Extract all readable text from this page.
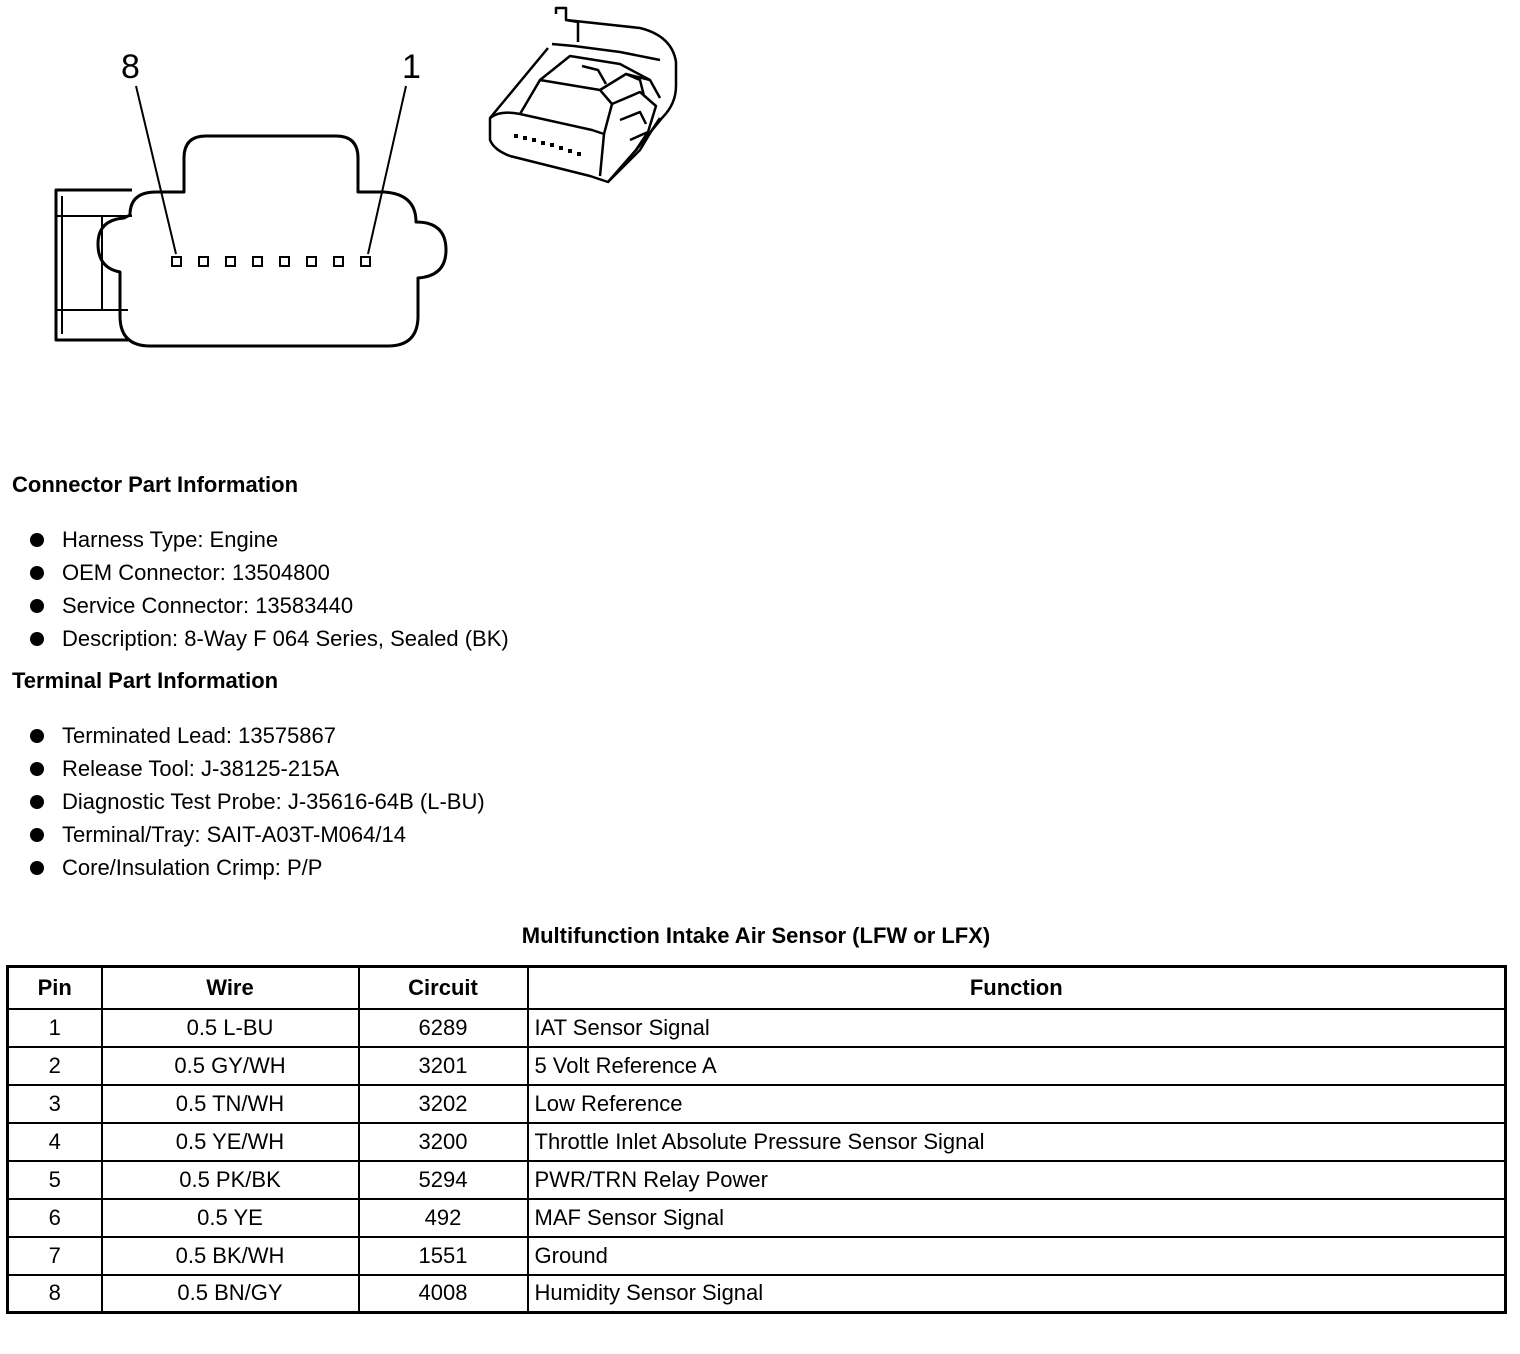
8	1
Connector Part Information
Harness Type: Engine
OEM Connector: 13504800
Service Connector: 13583440
Description: 8-Way F 064 Series, Sealed (BK)
Terminal Part Information
Terminated Lead: 13575867
Release Tool: J-38125-215A
Diagnostic Test Probe: J-35616-64B (L-BU)
Terminal/Tray: SAIT-A03T-M064/14
Core/Insulation Crimp: P/P
Multifunction Intake Air Sensor (LFW or LFX)
Pin	Wire	Circuit	Function
1	0.5 L-BU	6289	IAT Sensor Signal
2	0.5 GY/WH	3201	5 Volt Reference A
3	0.5 TN/WH	3202	Low Reference
4	0.5 YE/WH	3200	Throttle Inlet Absolute Pressure Sensor Signal
5	0.5 PK/BK	5294	PWR/TRN Relay Power
6	0.5 YE	492	MAF Sensor Signal
7	0.5 BK/WH	1551	Ground
8	0.5 BN/GY	4008	Humidity Sensor Signal
